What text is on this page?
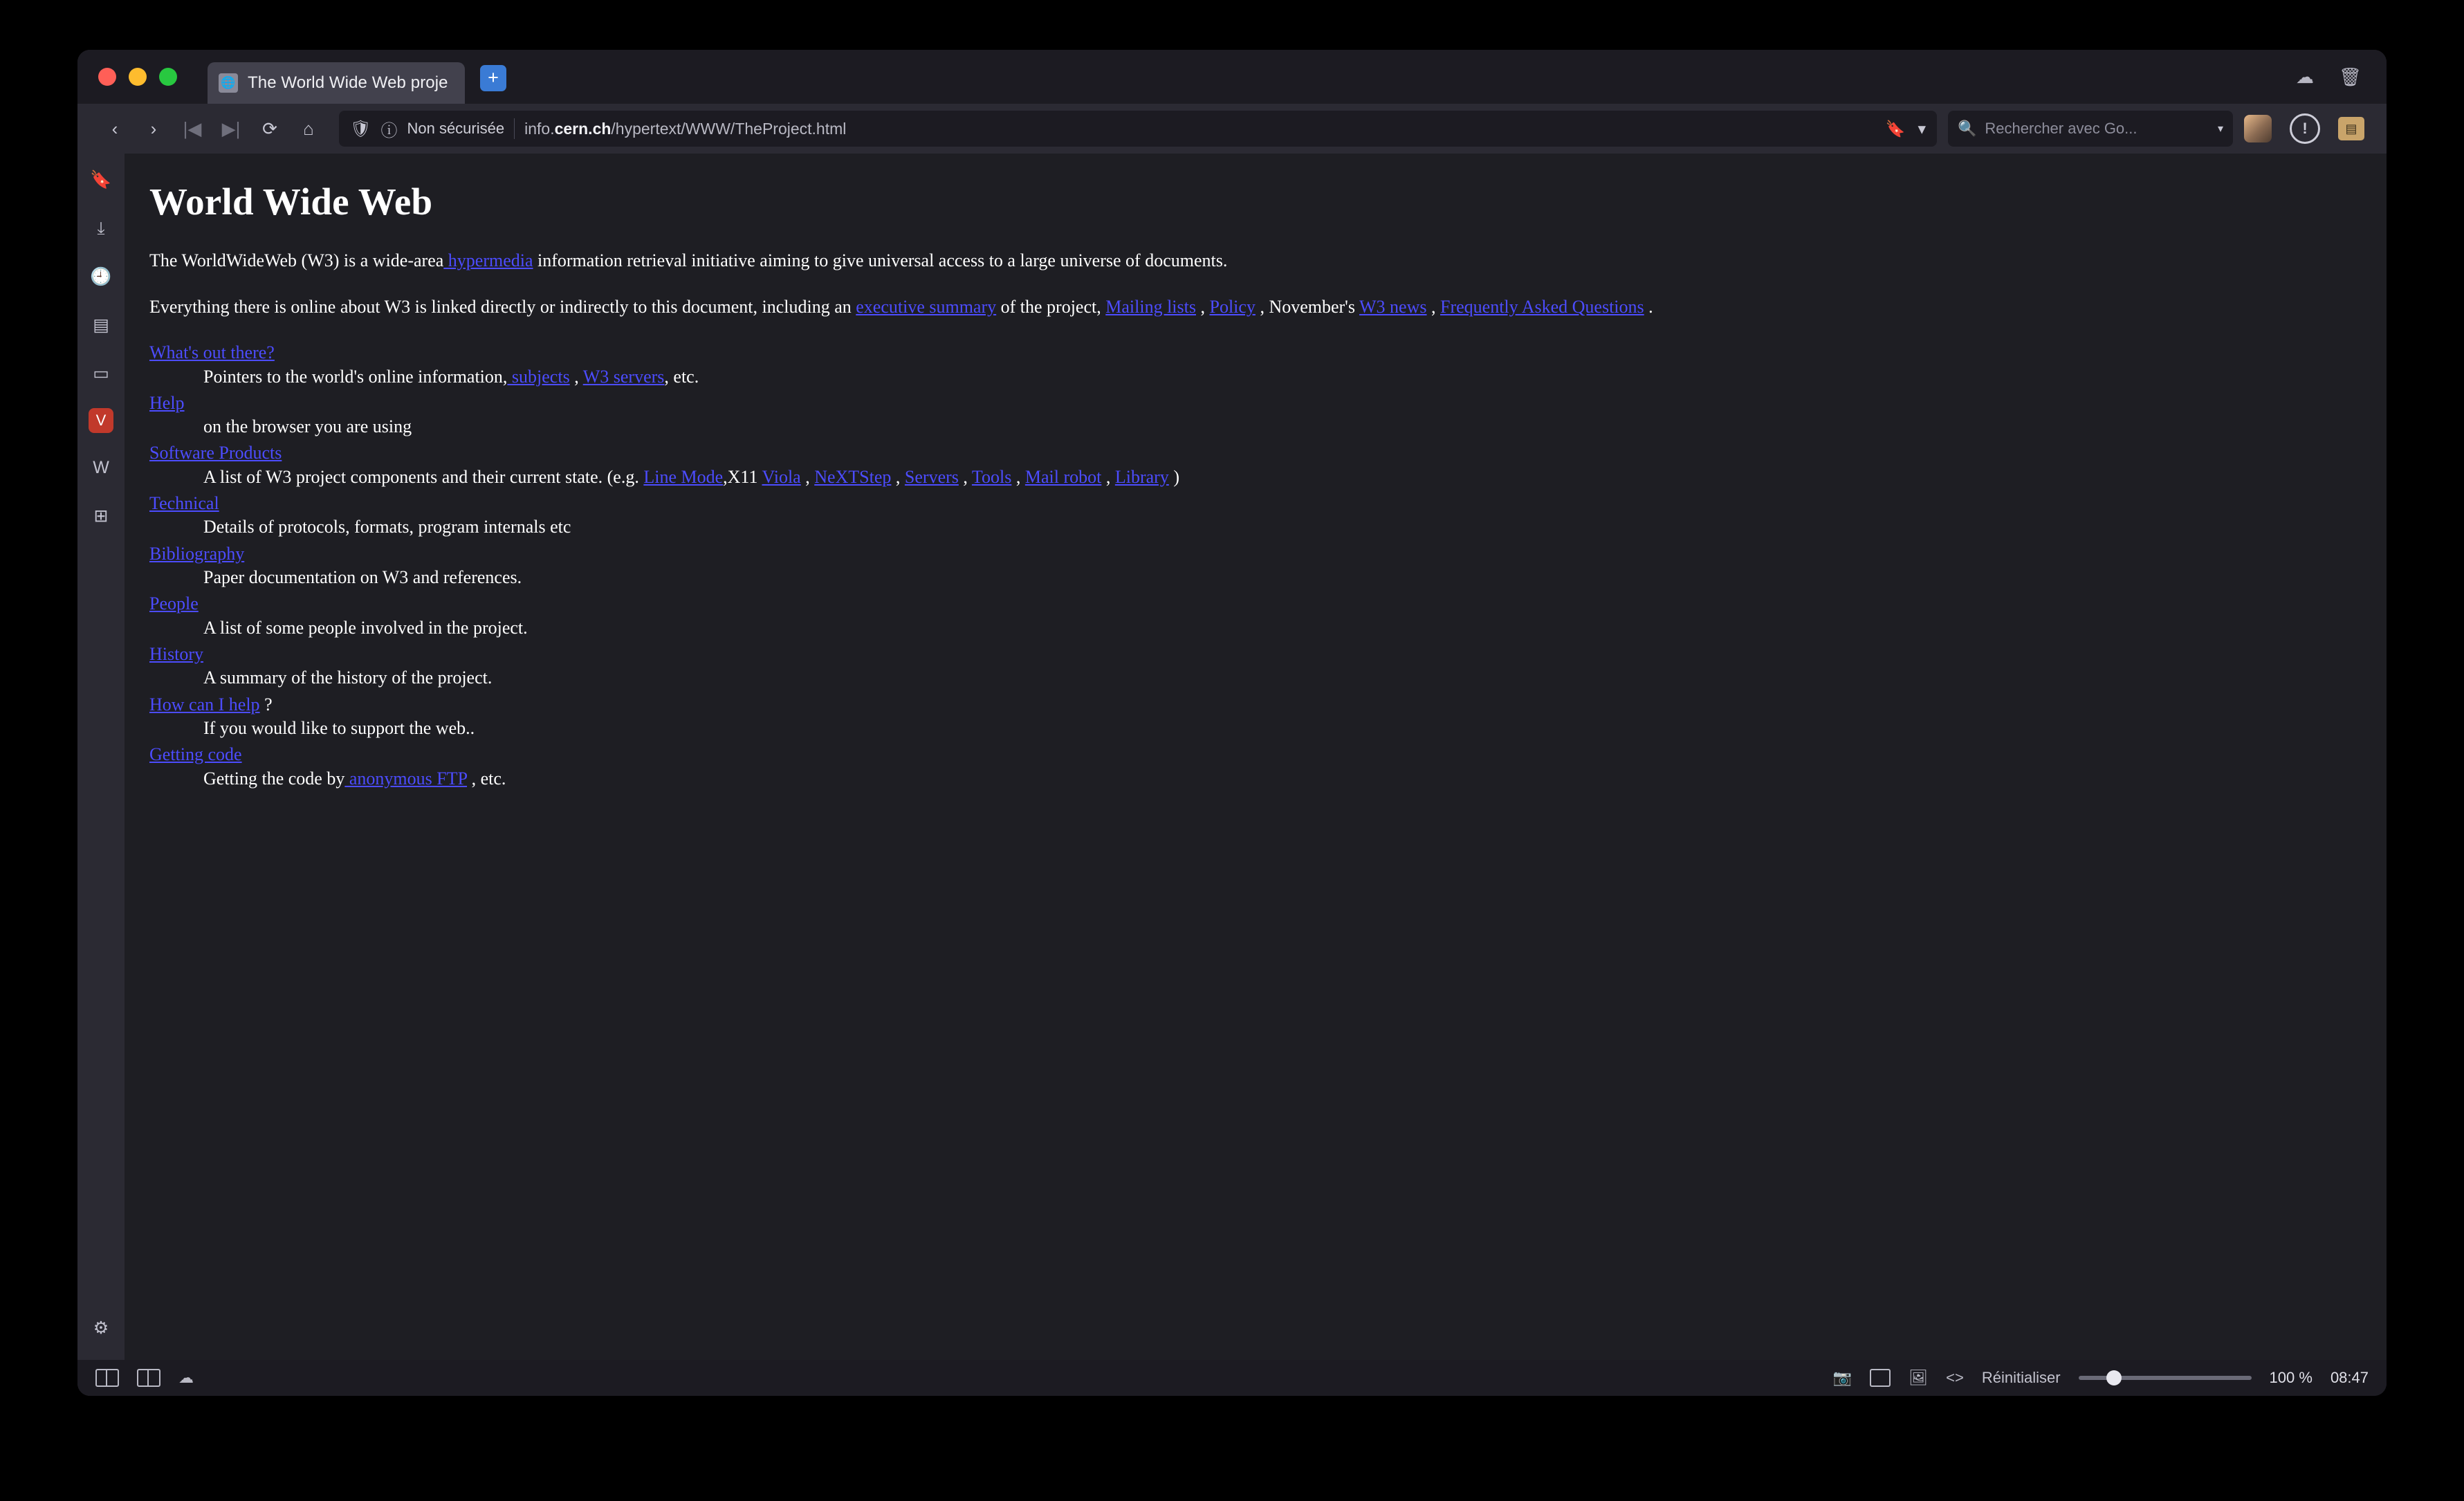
🌐 The World Wide Web proje	+	☁ 🗑
‹	›	|◀	▶|	⟳	⌂	🛡 ⓘ Non sécurisée info.cern.ch/hypertext/WWW/TheProject.html	🔖 ▾ 🔍 Rechercher avec Go...	▾	!	▤
🔖
⤓
🕘
▤
▭
V
W
⊞
⚙
World Wide Web

The WorldWideWeb (W3) is a wide-area hypermedia information retrieval initiative aiming to give universal access to a large universe of documents.

Everything there is online about W3 is linked directly or indirectly to this document, including an executive summary of the project, Mailing lists , Policy , November's W3 news , Frequently Asked Questions .

What's out there?
Pointers to the world's online information, subjects , W3 servers, etc.
Help
on the browser you are using
Software Products
A list of W3 project components and their current state. (e.g. Line Mode,X11 Viola , NeXTStep , Servers , Tools , Mail robot , Library )
Technical
Details of protocols, formats, program internals etc
Bibliography
Paper documentation on W3 and references.
People
A list of some people involved in the project.
History
A summary of the history of the project.
How can I help ?
If you would like to support the web..
Getting code
Getting the code by anonymous FTP , etc.
☁	📷	🖼 <> Réinitialiser	100 % 08:47
